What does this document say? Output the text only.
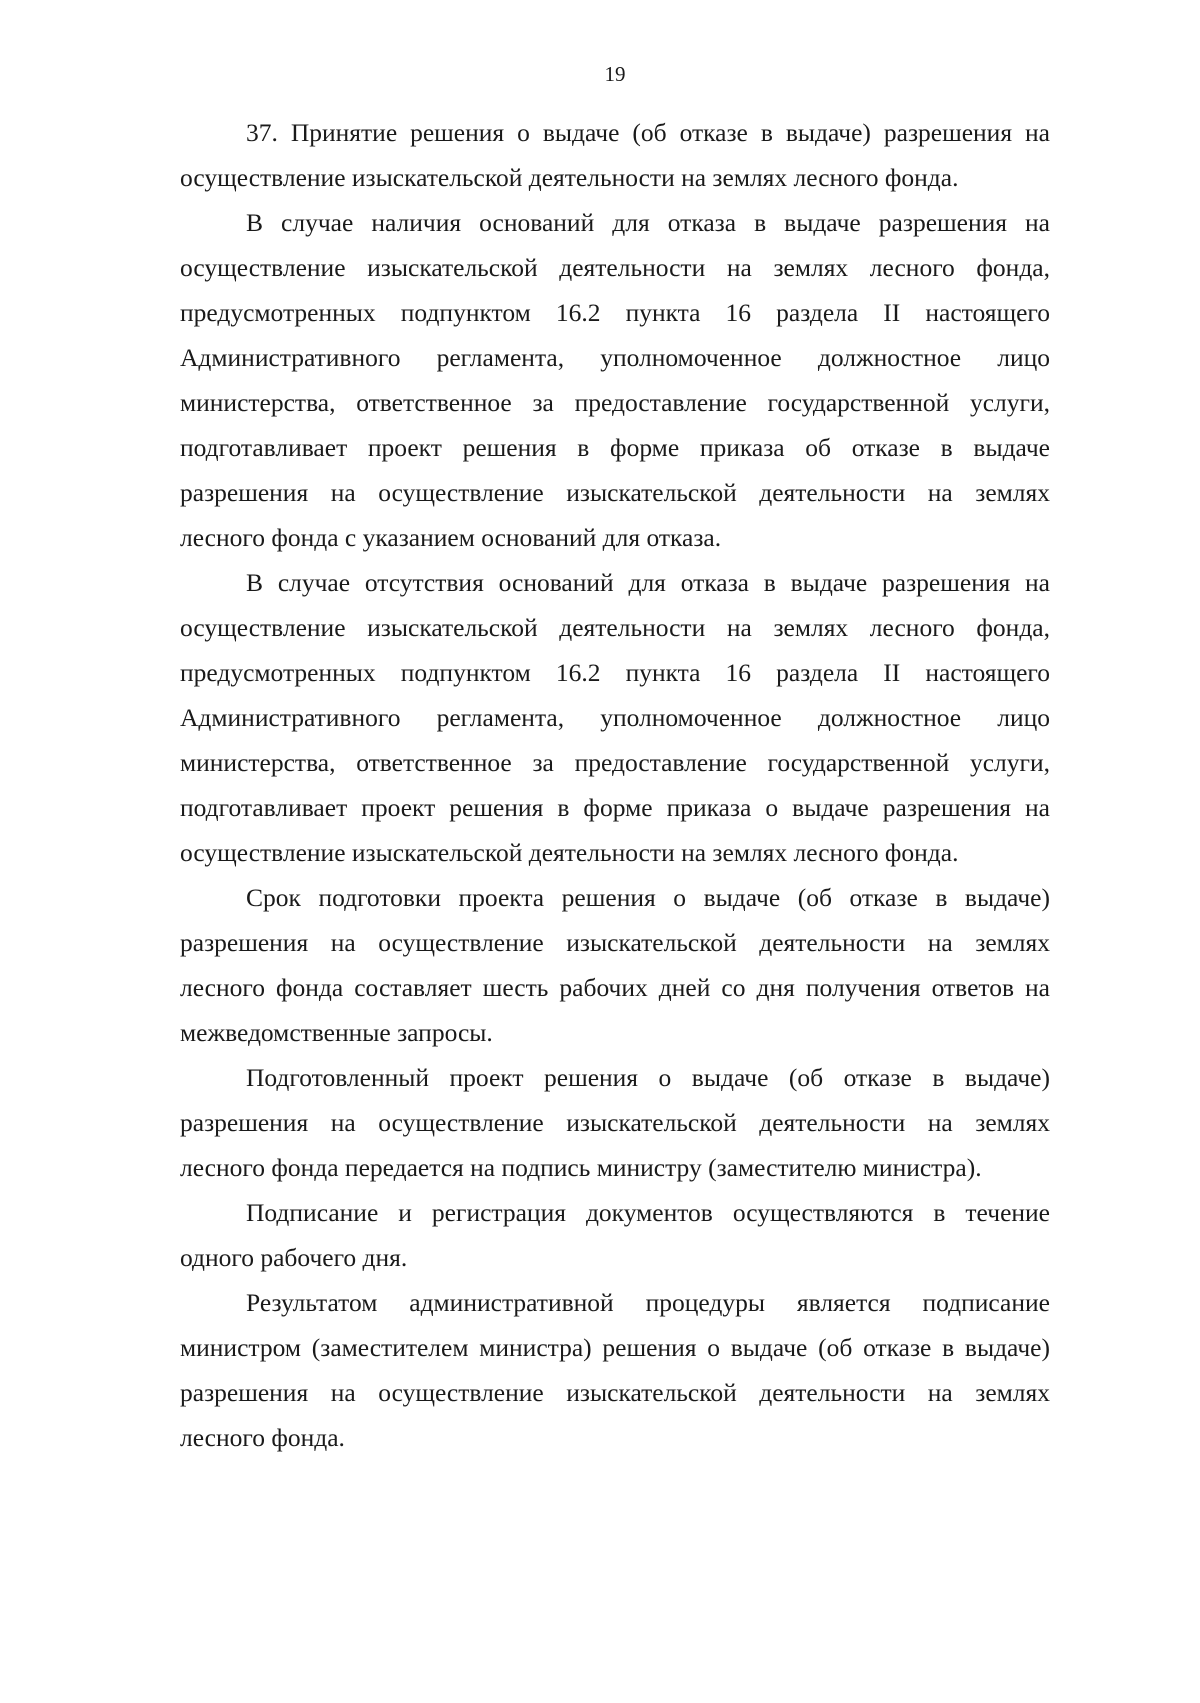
19
37. Принятие решения о выдаче (об отказе в выдаче) разрешения на
осуществление изыскательской деятельности на землях лесного фонда.
В случае наличия оснований для отказа в выдаче разрешения на
осуществление изыскательской деятельности на землях лесного фонда,
предусмотренных подпунктом 16.2 пункта 16 раздела II настоящего
Административного регламента, уполномоченное должностное лицо
министерства, ответственное за предоставление государственной услуги,
подготавливает проект решения в форме приказа об отказе в выдаче
разрешения на осуществление изыскательской деятельности на землях
лесного фонда с указанием оснований для отказа.
В случае отсутствия оснований для отказа в выдаче разрешения на
осуществление изыскательской деятельности на землях лесного фонда,
предусмотренных подпунктом 16.2 пункта 16 раздела II настоящего
Административного регламента, уполномоченное должностное лицо
министерства, ответственное за предоставление государственной услуги,
подготавливает проект решения в форме приказа о выдаче разрешения на
осуществление изыскательской деятельности на землях лесного фонда.
Срок подготовки проекта решения о выдаче (об отказе в выдаче)
разрешения на осуществление изыскательской деятельности на землях
лесного фонда составляет шесть рабочих дней со дня получения ответов на
межведомственные запросы.
Подготовленный проект решения о выдаче (об отказе в выдаче)
разрешения на осуществление изыскательской деятельности на землях
лесного фонда передается на подпись министру (заместителю министра).
Подписание и регистрация документов осуществляются в течение
одного рабочего дня.
Результатом административной процедуры является подписание
министром (заместителем министра) решения о выдаче (об отказе в выдаче)
разрешения на осуществление изыскательской деятельности на землях
лесного фонда.
